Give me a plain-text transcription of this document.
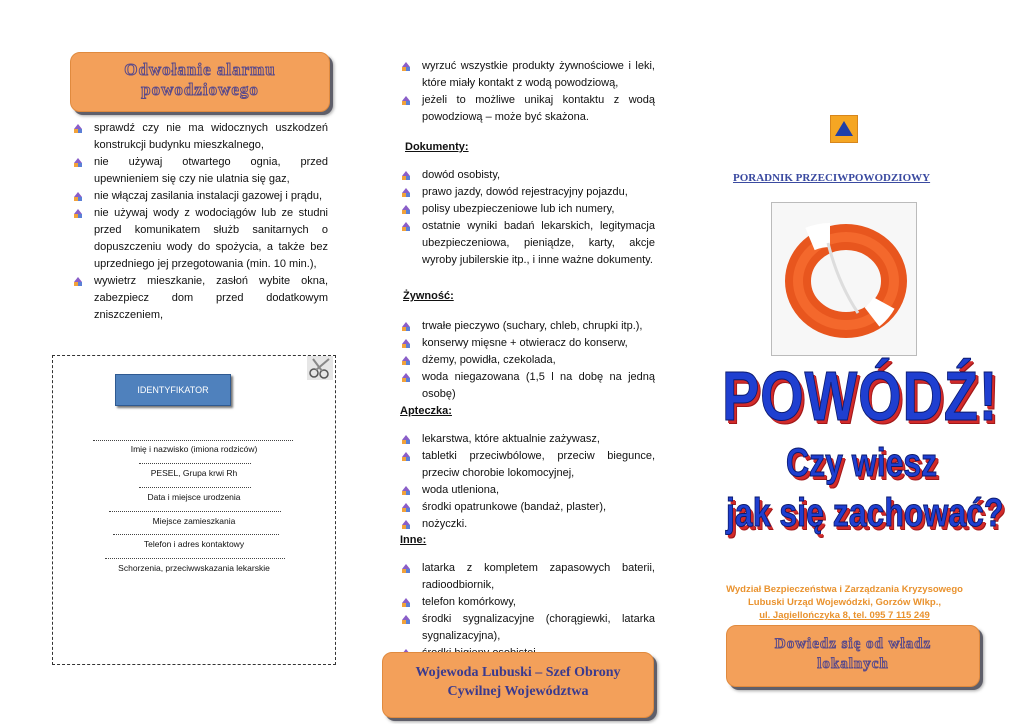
Odwołanie alarmu powodziowego
sprawdź czy nie ma widocznych uszkodzeń konstrukcji budynku mieszkalnego,
nie używaj otwartego ognia, przed upewnieniem się czy nie ulatnia się gaz,
nie włączaj zasilania instalacji gazowej i prądu,
nie używaj wody z wodociągów lub ze studni przed komunikatem służb sanitarnych o dopuszczeniu wody do spożycia, a także bez uprzedniego jej przegotowania (min. 10 min.),
wywietrz mieszkanie, zasłoń wybite okna, zabezpiecz dom przed dodatkowym zniszczeniem,
IDENTYFIKATOR
Imię i nazwisko (imiona rodziców)
PESEL, Grupa krwi Rh
Data i miejsce urodzenia
Miejsce zamieszkania
Telefon i adres kontaktowy
Schorzenia, przeciwwskazania lekarskie
wyrzuć wszystkie produkty żywnościowe i leki, które miały kontakt z wodą powodziową,
jeżeli to możliwe unikaj kontaktu z wodą powodziową – może być skażona.
Dokumenty:
dowód osobisty,
prawo jazdy, dowód rejestracyjny pojazdu,
polisy ubezpieczeniowe lub ich numery,
ostatnie wyniki badań lekarskich, legitymacja ubezpieczeniowa, pieniądze, karty, akcje wyroby jubilerskie itp., i inne ważne dokumenty.
Żywność:
trwałe pieczywo (suchary, chleb, chrupki itp.),
konserwy mięsne + otwieracz do konserw,
dżemy, powidła, czekolada,
woda niegazowana (1,5 l na dobę na jedną osobę)
Apteczka:
lekarstwa, które aktualnie zażywasz,
tabletki przeciwbólowe, przeciw biegunce, przeciw chorobie lokomocyjnej,
woda utleniona,
środki opatrunkowe (bandaż, plaster),
nożyczki.
Inne:
latarka z kompletem zapasowych baterii, radioodbiornik,
telefon komórkowy,
środki sygnalizacyjne (chorągiewki, latarka sygnalizacyjna),
Wojewoda Lubuski – Szef Obrony Cywilnej Województwa
PORADNIK PRZECIWPOWODZIOWY
POWÓDŹ!
Czy wiesz
jak się zachować?
Wydział Bezpieczeństwa i Zarządzania Kryzysowego
Lubuski Urząd Wojewódzki, Gorzów Wlkp.,
ul. Jagiellończyka 8, tel. 095 7 115 249
Dowiedz się od władz lokalnych
